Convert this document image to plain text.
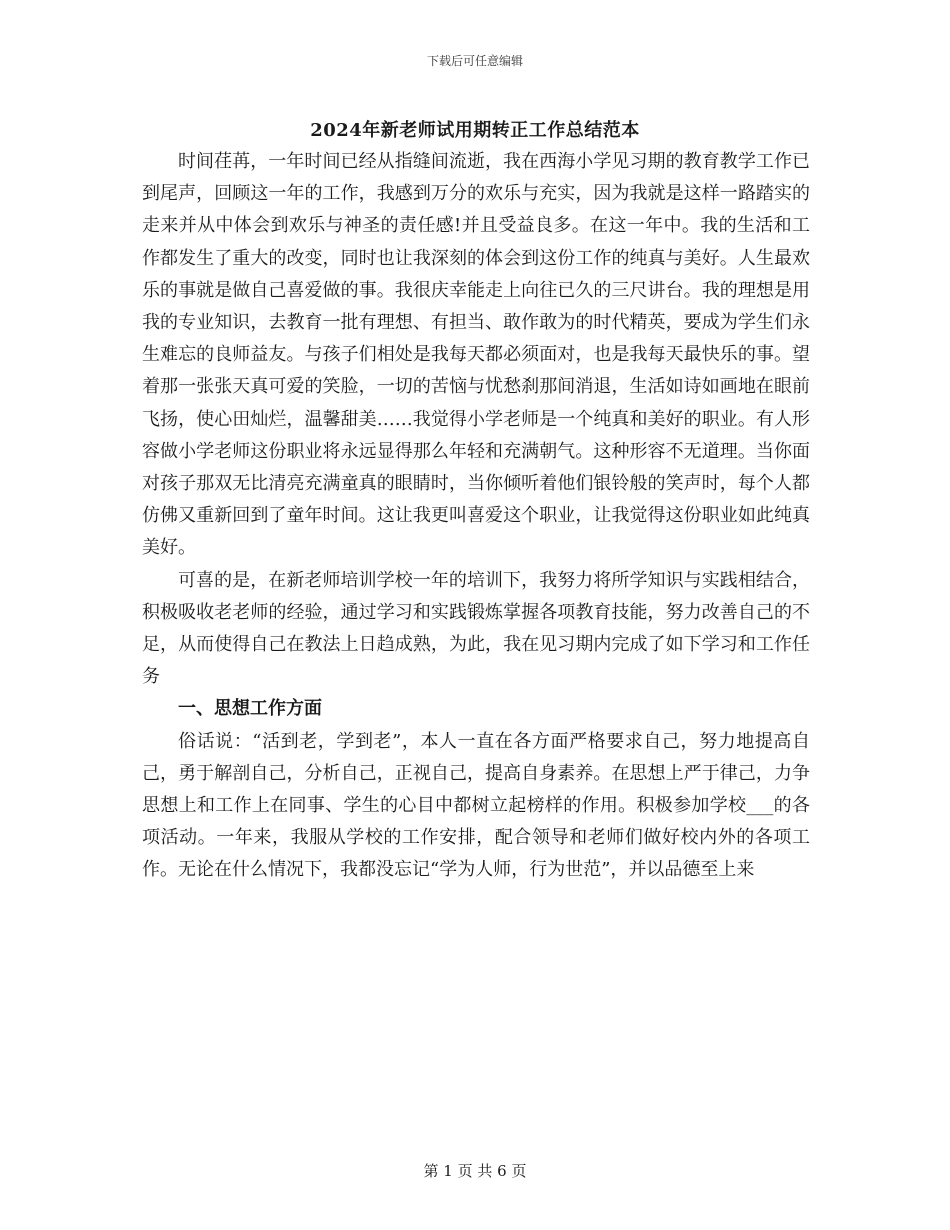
下载后可任意编辑
2024年新老师试用期转正工作总结范本

时间荏苒，一年时间已经从指缝间流逝，我在西海小学见习期的教育教学工作已到尾声，回顾这一年的工作，我感到万分的欢乐与充实，因为我就是这样一路踏实的走来并从中体会到欢乐与神圣的责任感!并且受益良多。在这一年中。我的生活和工作都发生了重大的改变，同时也让我深刻的体会到这份工作的纯真与美好。人生最欢乐的事就是做自己喜爱做的事。我很庆幸能走上向往已久的三尺讲台。我的理想是用我的专业知识，去教育一批有理想、有担当、敢作敢为的时代精英，要成为学生们永生难忘的良师益友。与孩子们相处是我每天都必须面对，也是我每天最快乐的事。望着那一张张天真可爱的笑脸，一切的苦恼与忧愁刹那间消退，生活如诗如画地在眼前飞扬，使心田灿烂，温馨甜美……我觉得小学老师是一个纯真和美好的职业。有人形容做小学老师这份职业将永远显得那么年轻和充满朝气。这种形容不无道理。当你面对孩子那双无比清亮充满童真的眼睛时，当你倾听着他们银铃般的笑声时，每个人都仿佛又重新回到了童年时间。这让我更叫喜爱这个职业，让我觉得这份职业如此纯真美好。

可喜的是，在新老师培训学校一年的培训下，我努力将所学知识与实践相结合，积极吸收老老师的经验，通过学习和实践锻炼掌握各项教育技能，努力改善自己的不足，从而使得自己在教法上日趋成熟，为此，我在见习期内完成了如下学习和工作任务

一、思想工作方面

俗话说：“活到老，学到老”，本人一直在各方面严格要求自己，努力地提高自己，勇于解剖自己，分析自己，正视自己，提高自身素养。在思想上严于律己，力争思想上和工作上在同事、学生的心目中都树立起榜样的作用。积极参加学校___的各项活动。一年来，我服从学校的工作安排，配合领导和老师们做好校内外的各项工作。无论在什么情况下，我都没忘记“学为人师，行为世范”，并以品德至上来

第 1 页 共 6 页
